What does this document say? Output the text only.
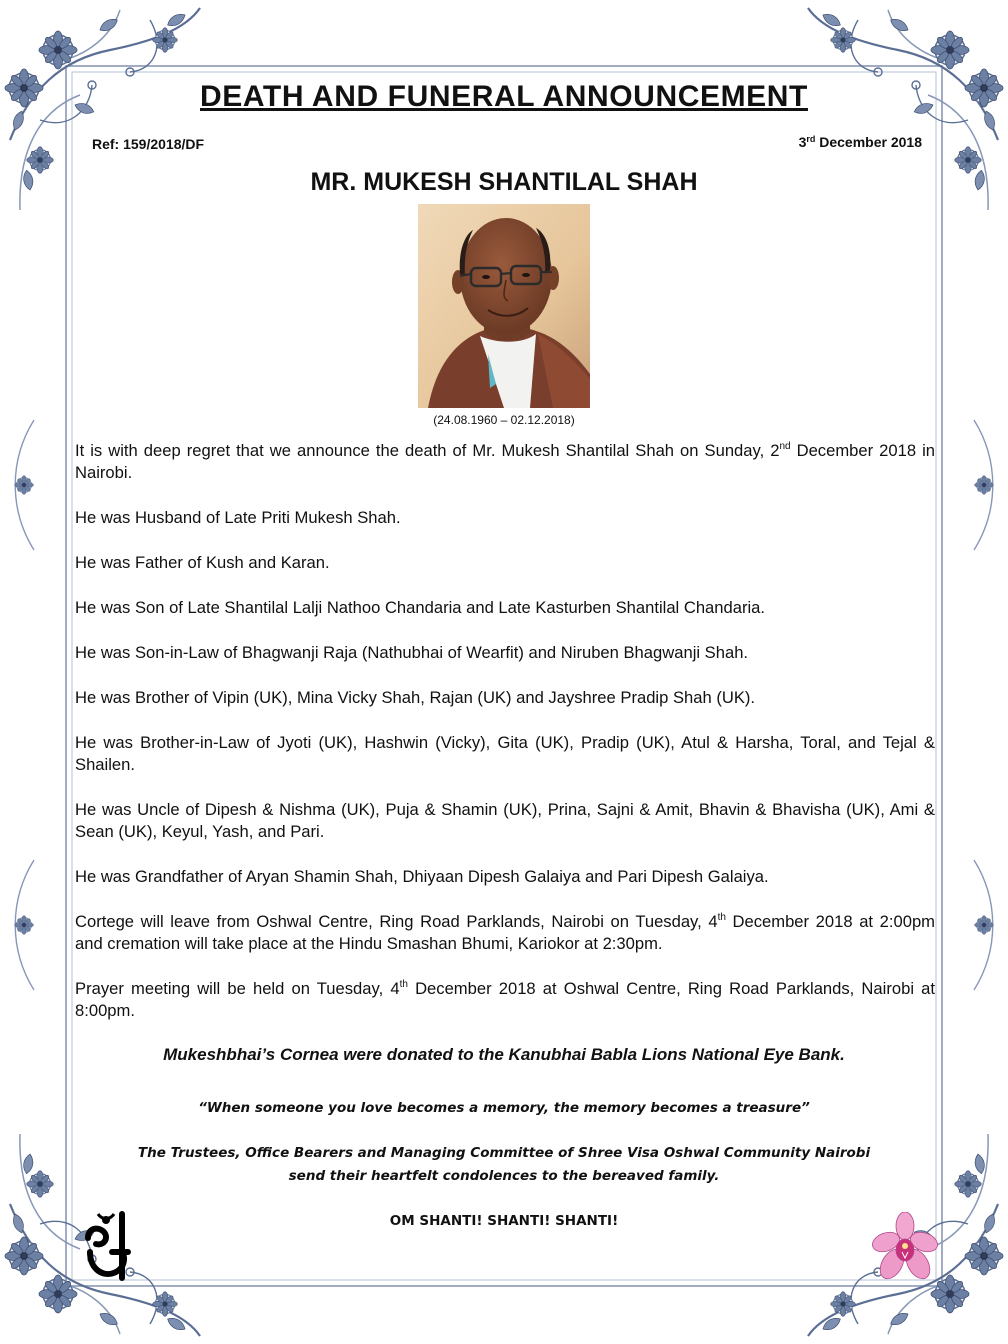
DEATH AND FUNERAL ANNOUNCEMENT
Ref: 159/2018/DF	3rd December 2018
MR. MUKESH SHANTILAL SHAH
(24.08.1960 – 02.12.2018)

It is with deep regret that we announce the death of Mr. Mukesh Shantilal Shah on Sunday, 2nd December 2018 in Nairobi.

He was Husband of Late Priti Mukesh Shah.

He was Father of Kush and Karan.

He was Son of Late Shantilal Lalji Nathoo Chandaria and Late Kasturben Shantilal Chandaria.

He was Son-in-Law of Bhagwanji Raja (Nathubhai of Wearfit) and Niruben Bhagwanji Shah.

He was Brother of Vipin (UK), Mina Vicky Shah, Rajan (UK) and Jayshree Pradip Shah (UK).

He was Brother-in-Law of Jyoti (UK), Hashwin (Vicky), Gita (UK), Pradip (UK), Atul & Harsha, Toral, and Tejal & Shailen.

He was Uncle of Dipesh & Nishma (UK), Puja & Shamin (UK), Prina, Sajni & Amit, Bhavin & Bhavisha (UK), Ami & Sean (UK), Keyul, Yash, and Pari.

He was Grandfather of Aryan Shamin Shah, Dhiyaan Dipesh Galaiya and Pari Dipesh Galaiya.

Cortege will leave from Oshwal Centre, Ring Road Parklands, Nairobi on Tuesday, 4th December 2018 at 2:00pm and cremation will take place at the Hindu Smashan Bhumi, Kariokor at 2:30pm.

Prayer meeting will be held on Tuesday, 4th December 2018 at Oshwal Centre, Ring Road Parklands, Nairobi at 8:00pm.

Mukeshbhai’s Cornea were donated to the Kanubhai Babla Lions National Eye Bank.
“When someone you love becomes a memory, the memory becomes a treasure”
The Trustees, Office Bearers and Managing Committee of Shree Visa Oshwal Community Nairobi
send their heartfelt condolences to the bereaved family.
OM SHANTI! SHANTI! SHANTI!
